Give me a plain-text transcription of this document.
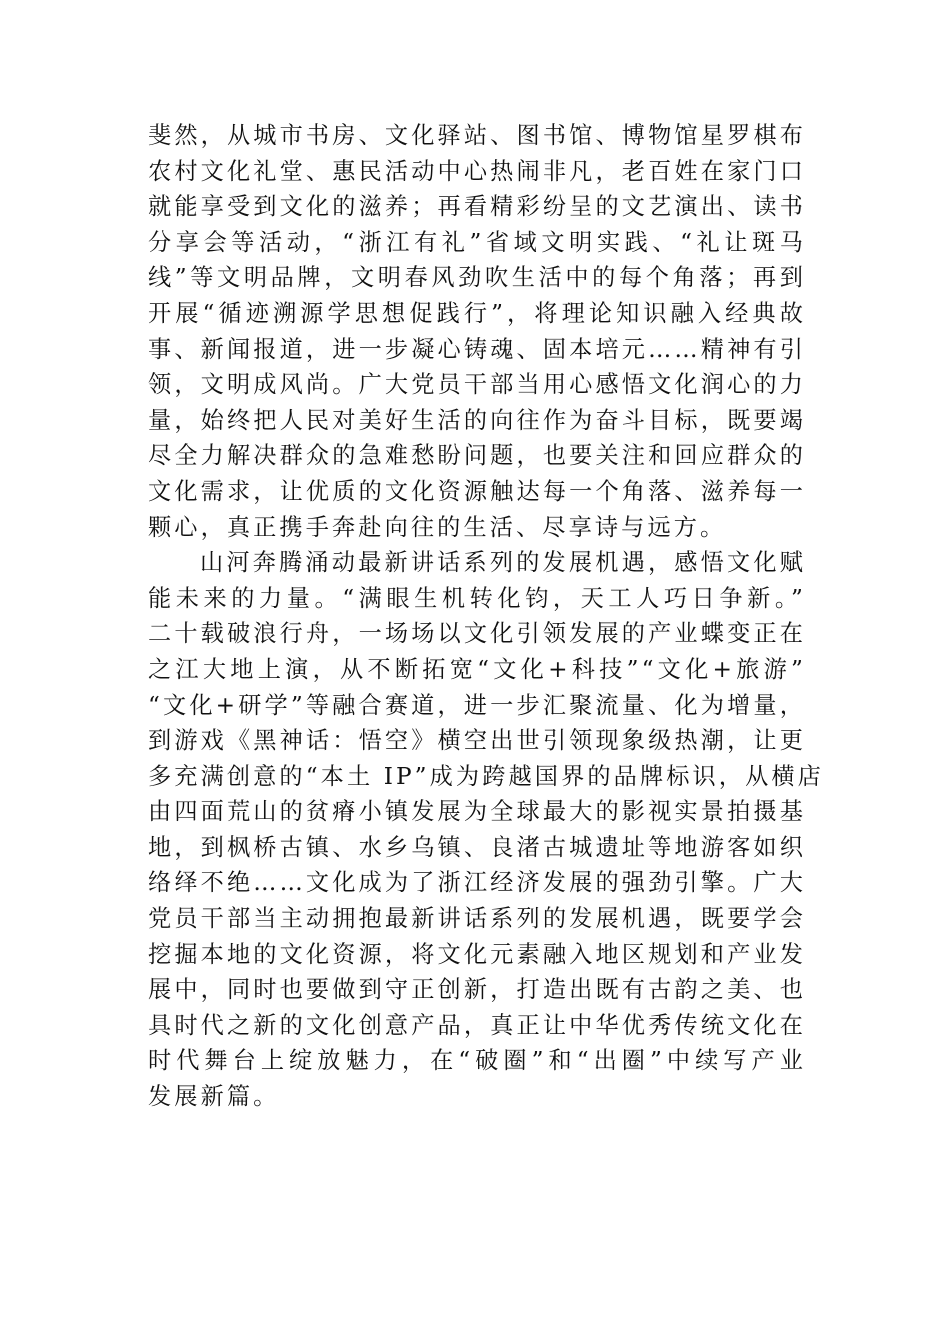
斐然，从城市书房、文化驿站、图书馆、博物馆星罗棋布
农村文化礼堂、惠民活动中心热闹非凡，老百姓在家门口
就能享受到文化的滋养；再看精彩纷呈的文艺演出、读书
分享会等活动，“浙江有礼”省域文明实践、“礼让斑马
线”等文明品牌，文明春风劲吹生活中的每个角落；再到
开展“循迹溯源学思想促践行”，将理论知识融入经典故
事、新闻报道，进一步凝心铸魂、固本培元……精神有引
领，文明成风尚。广大党员干部当用心感悟文化润心的力
量，始终把人民对美好生活的向往作为奋斗目标，既要竭
尽全力解决群众的急难愁盼问题，也要关注和回应群众的
文化需求，让优质的文化资源触达每一个角落、滋养每一
颗心，真正携手奔赴向往的生活、尽享诗与远方。
山河奔腾涌动最新讲话系列的发展机遇，感悟文化赋
能未来的力量。“满眼生机转化钧，天工人巧日争新。”
二十载破浪行舟，一场场以文化引领发展的产业蝶变正在
之江大地上演，从不断拓宽“文化+科技”“文化+旅游”
“文化+研学”等融合赛道，进一步汇聚流量、化为增量，
到游戏《黑神话：悟空》横空出世引领现象级热潮，让更
多充满创意的“本土 IP”成为跨越国界的品牌标识，从横店
由四面荒山的贫瘠小镇发展为全球最大的影视实景拍摄基
地，到枫桥古镇、水乡乌镇、良渚古城遗址等地游客如织
络绎不绝……文化成为了浙江经济发展的强劲引擎。广大
党员干部当主动拥抱最新讲话系列的发展机遇，既要学会
挖掘本地的文化资源，将文化元素融入地区规划和产业发
展中，同时也要做到守正创新，打造出既有古韵之美、也
具时代之新的文化创意产品，真正让中华优秀传统文化在
时代舞台上绽放魅力，在“破圈”和“出圈”中续写产业
发展新篇。
